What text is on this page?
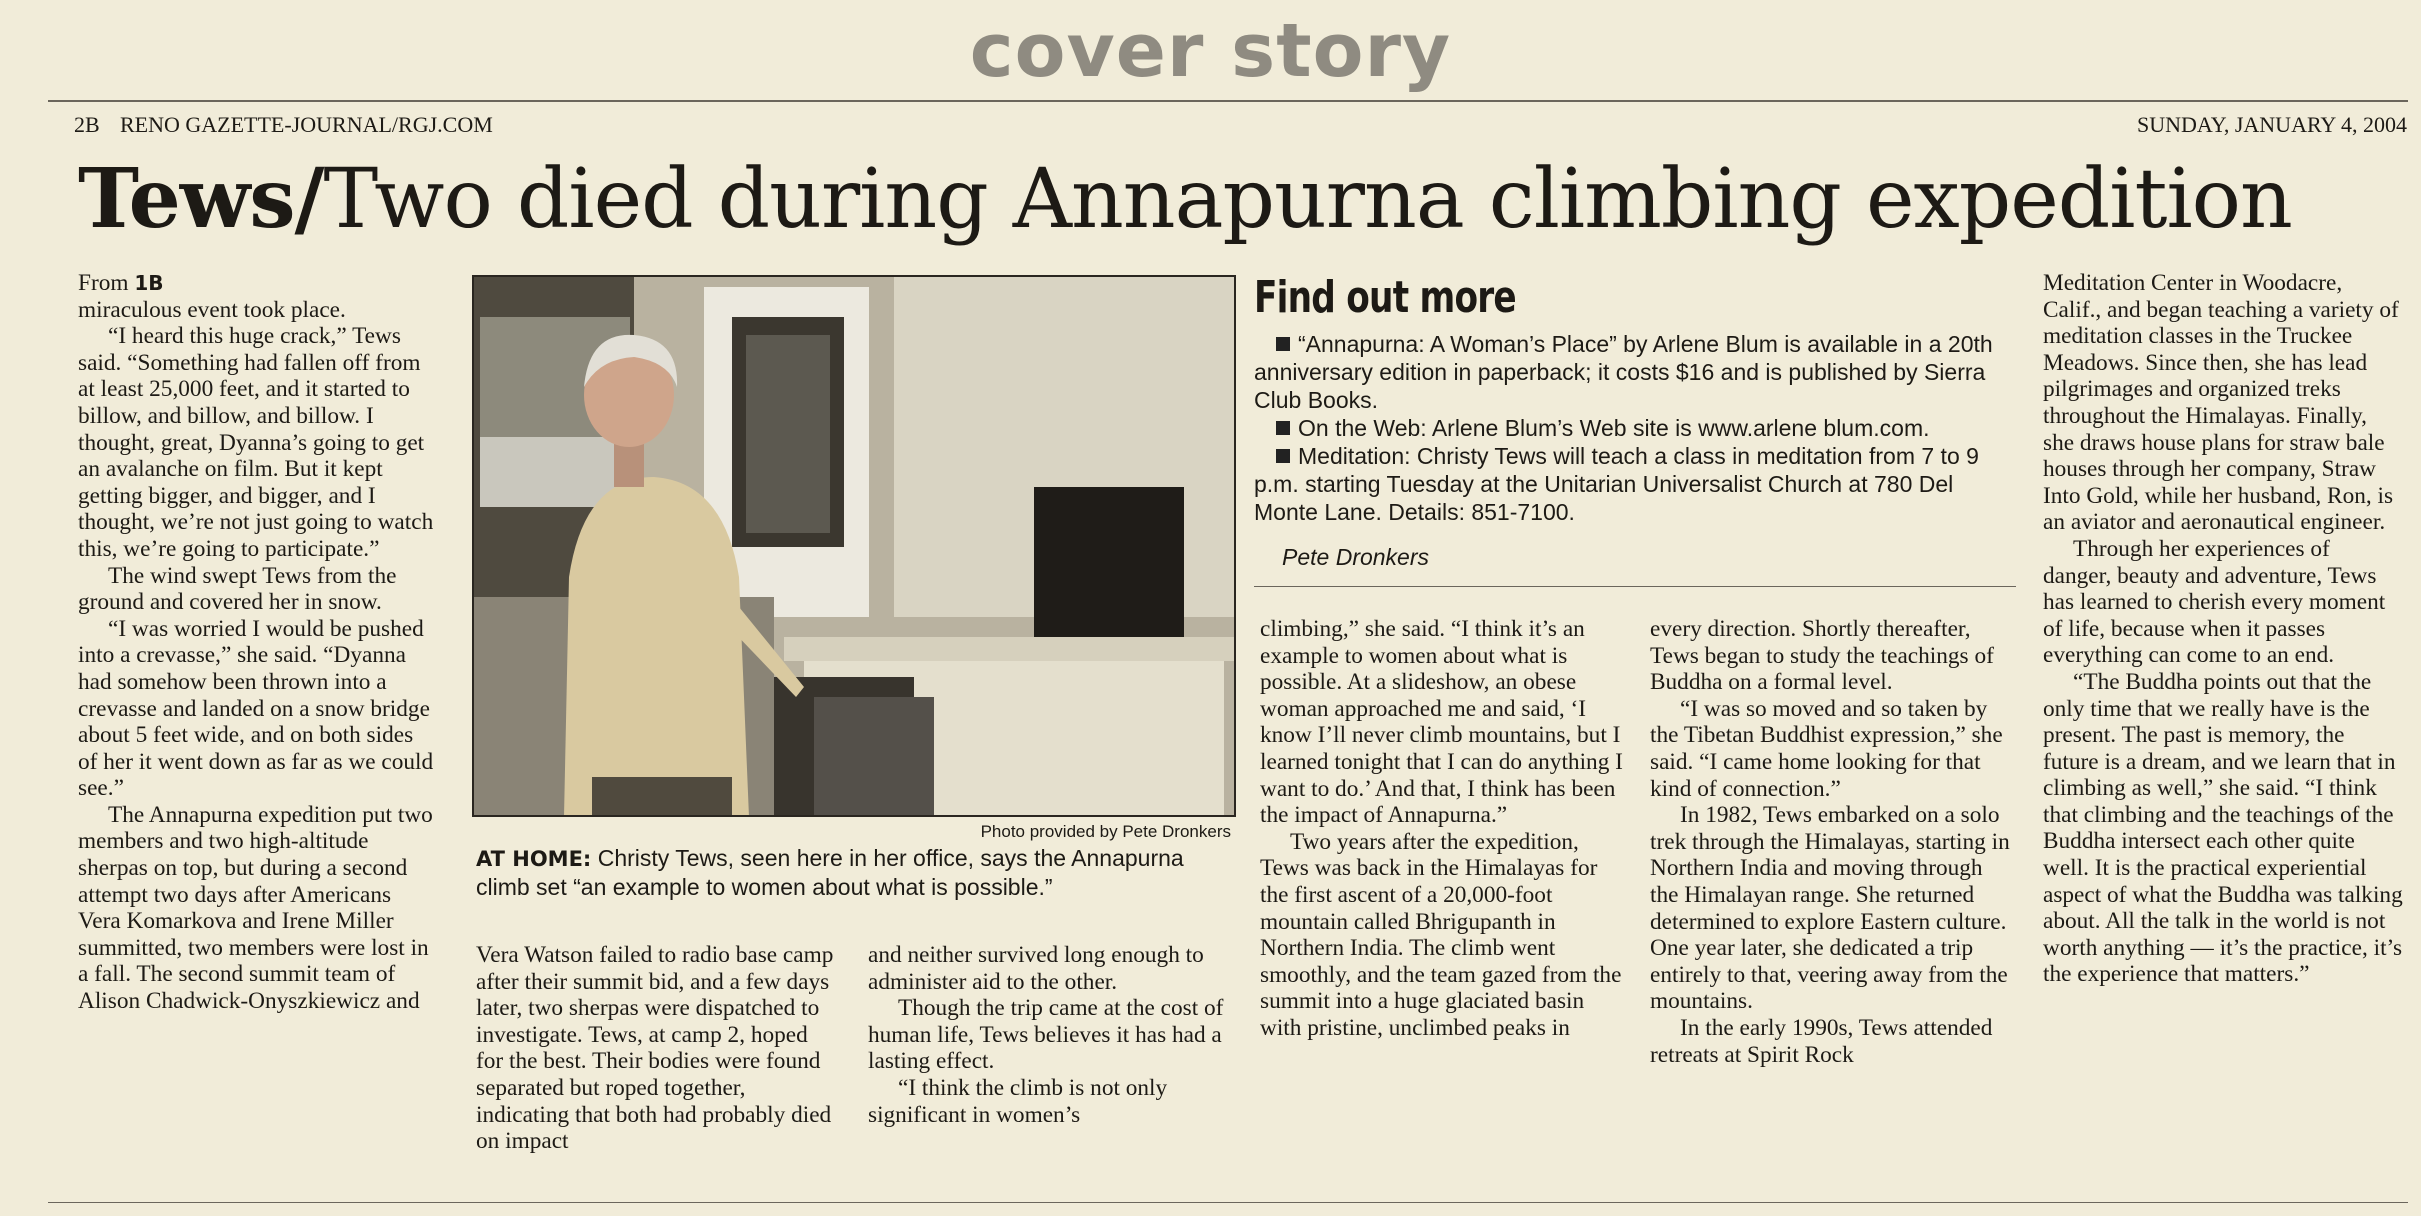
cover story
2B RENO GAZETTE-JOURNAL/RGJ.COM	SUNDAY, JANUARY 4, 2004
Tews/Two died during Annapurna climbing expedition

From 1B

miraculous event took place.

“I heard this huge crack,” Tews said. “Something had fallen off from at least 25,000 feet, and it started to billow, and billow, and billow. I thought, great, Dyanna’s going to get an avalanche on film. But it kept getting bigger, and bigger, and I thought, we’re not just going to watch this, we’re going to participate.”

The wind swept Tews from the ground and covered her in snow.

“I was worried I would be pushed into a crevasse,” she said. “Dyanna had somehow been thrown into a crevasse and landed on a snow bridge about 5 feet wide, and on both sides of her it went down as far as we could see.”

The Annapurna expedition put two members and two high-altitude sherpas on top, but during a second attempt two days after Americans Vera Komarkova and Irene Miller summitted, two members were lost in a fall. The second summit team of Alison Chadwick-Onyszkiewicz and

Photo provided by Pete Dronkers
AT HOME: Christy Tews, seen here in her office, says the Annapurna climb set “an example to women about what is possible.”

Vera Watson failed to radio base camp after their summit bid, and a few days later, two sherpas were dispatched to investigate. Tews, at camp 2, hoped for the best. Their bodies were found separated but roped together, indicating that both had probably died on impact

and neither survived long enough to administer aid to the other.

Though the trip came at the cost of human life, Tews believes it has had a lasting effect.

“I think the climb is not only significant in women’s

Find out more

“Annapurna: A Woman’s Place” by Arlene Blum is available in a 20th anniversary edition in paperback; it costs $16 and is published by Sierra Club Books.

On the Web: Arlene Blum’s Web site is www.arlene blum.com.

Meditation: Christy Tews will teach a class in meditation from 7 to 9 p.m. starting Tuesday at the Unitarian Universalist Church at 780 Del Monte Lane. Details: 851-7100.

Pete Dronkers

climbing,” she said. “I think it’s an example to women about what is possible. At a slideshow, an obese woman approached me and said, ‘I know I’ll never climb mountains, but I learned tonight that I can do anything I want to do.’ And that, I think has been the impact of Annapurna.”

Two years after the expedition, Tews was back in the Himalayas for the first ascent of a 20,000-foot mountain called Bhrigupanth in Northern India. The climb went smoothly, and the team gazed from the summit into a huge glaciated basin with pristine, unclimbed peaks in

every direction. Shortly thereafter, Tews began to study the teachings of Buddha on a formal level.

“I was so moved and so taken by the Tibetan Buddhist expression,” she said. “I came home looking for that kind of connection.”

In 1982, Tews embarked on a solo trek through the Himalayas, starting in Northern India and moving through the Himalayan range. She returned determined to explore Eastern culture. One year later, she dedicated a trip entirely to that, veering away from the mountains.

In the early 1990s, Tews attended retreats at Spirit Rock

Meditation Center in Woodacre, Calif., and began teaching a variety of meditation classes in the Truckee Meadows. Since then, she has lead pilgrimages and organized treks throughout the Himalayas. Finally, she draws house plans for straw bale houses through her company, Straw Into Gold, while her husband, Ron, is an aviator and aeronautical engineer.

Through her experiences of danger, beauty and adventure, Tews has learned to cherish every moment of life, because when it passes everything can come to an end.

“The Buddha points out that the only time that we really have is the present. The past is memory, the future is a dream, and we learn that in climbing as well,” she said. “I think that climbing and the teachings of the Buddha intersect each other quite well. It is the practical experiential aspect of what the Buddha was talking about. All the talk in the world is not worth anything — it’s the practice, it’s the experience that matters.”
